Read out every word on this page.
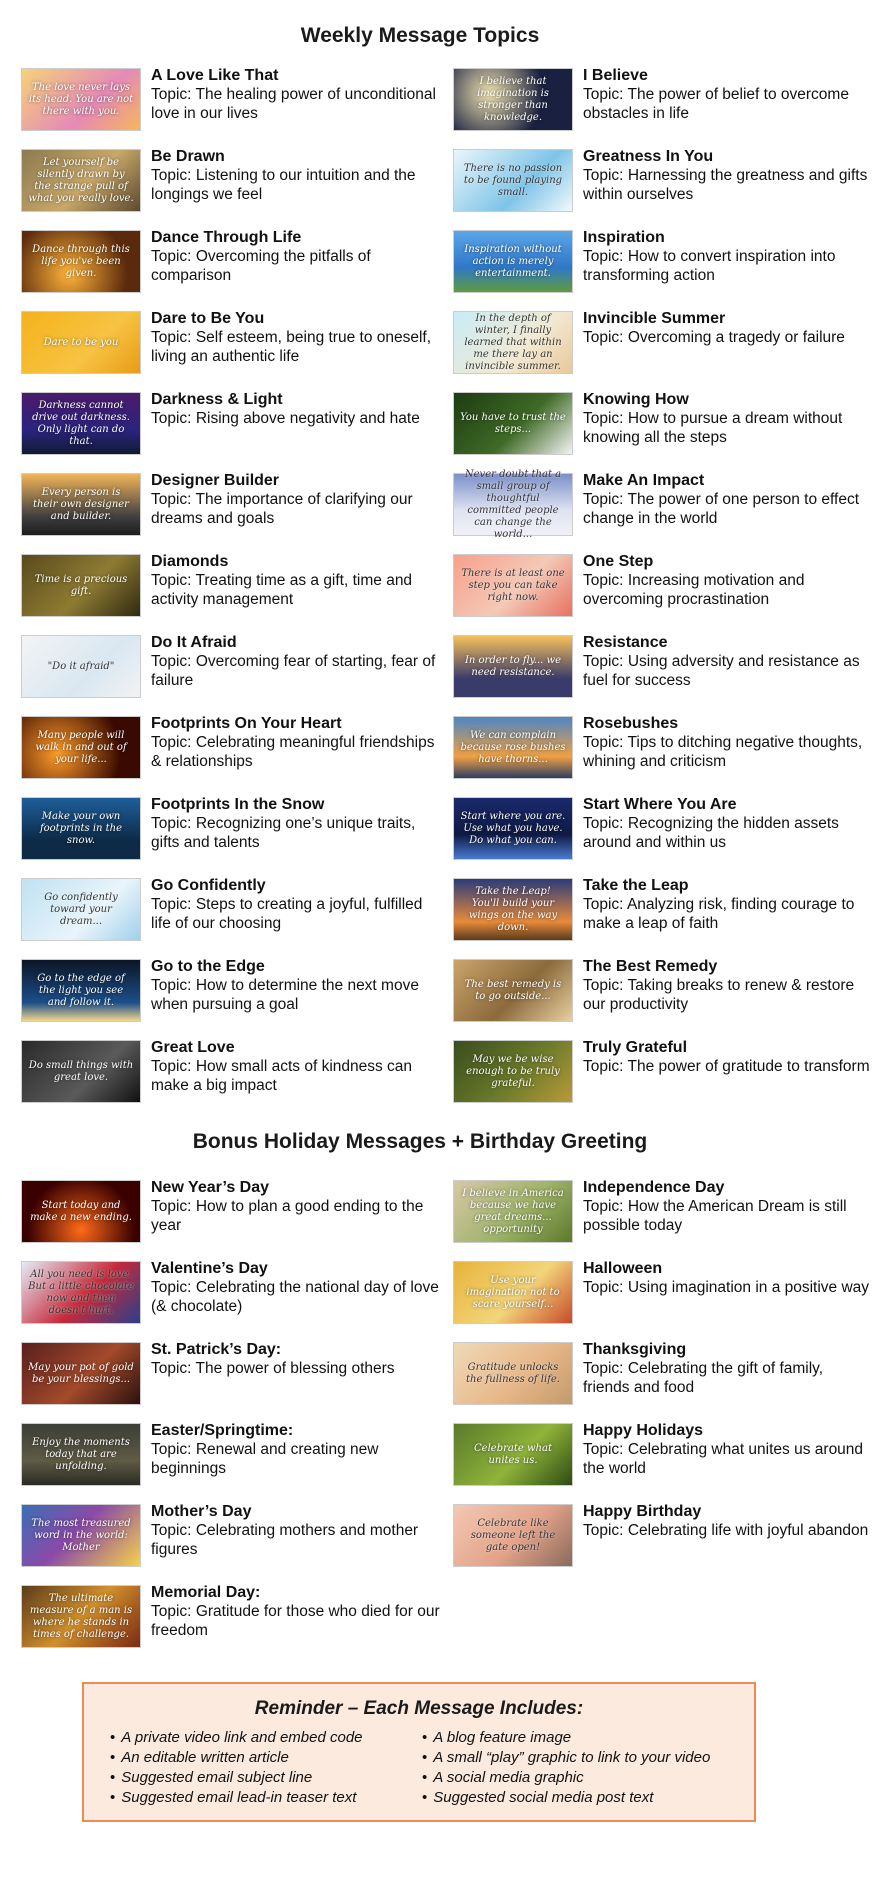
Weekly Message Topics
The love never lays its head. You are not there with you.

A Love Like That

Topic: The healing power of unconditional love in our lives

Let yourself be silently drawn by the strange pull of what you really love.

Be Drawn

Topic: Listening to our intuition and the longings we feel

Dance through this life you've been given.

Dance Through Life

Topic: Overcoming the pitfalls of comparison

Dare to be you

Dare to Be You

Topic: Self esteem, being true to oneself, living an authentic life

Darkness cannot drive out darkness. Only light can do that.

Darkness & Light

Topic: Rising above negativity and hate

Every person is their own designer and builder.

Designer Builder

Topic: The importance of clarifying our dreams and goals

Time is a precious gift.

Diamonds

Topic: Treating time as a gift, time and activity management

"Do it afraid"

Do It Afraid

Topic: Overcoming fear of starting, fear of failure

Many people will walk in and out of your life...

Footprints On Your Heart

Topic: Celebrating meaningful friendships & relationships

Make your own footprints in the snow.

Footprints In the Snow

Topic: Recognizing one’s unique traits, gifts and talents

Go confidently toward your dream...

Go Confidently

Topic: Steps to creating a joyful, fulfilled life of our choosing

Go to the edge of the light you see and follow it.

Go to the Edge

Topic: How to determine the next move when pursuing a goal

Do small things with great love.

Great Love

Topic: How small acts of kindness can make a big impact

I believe that imagination is stronger than knowledge.

I Believe

Topic: The power of belief to overcome obstacles in life

There is no passion to be found playing small.

Greatness In You

Topic: Harnessing the greatness and gifts within ourselves

Inspiration without action is merely entertainment.

Inspiration

Topic: How to convert inspiration into transforming action

In the depth of winter, I finally learned that within me there lay an invincible summer.

Invincible Summer

Topic: Overcoming a tragedy or failure

You have to trust the steps...

Knowing How

Topic: How to pursue a dream without knowing all the steps

Never doubt that a small group of thoughtful committed people can change the world...

Make An Impact

Topic: The power of one person to effect change in the world

There is at least one step you can take right now.

One Step

Topic: Increasing motivation and overcoming procrastination

In order to fly... we need resistance.

Resistance

Topic: Using adversity and resistance as fuel for success

We can complain because rose bushes have thorns...

Rosebushes

Topic: Tips to ditching negative thoughts, whining and criticism

Start where you are. Use what you have. Do what you can.

Start Where You Are

Topic: Recognizing the hidden assets around and within us

Take the Leap! You'll build your wings on the way down.

Take the Leap

Topic: Analyzing risk, finding courage to make a leap of faith

The best remedy is to go outside...

The Best Remedy

Topic: Taking breaks to renew & restore our productivity

May we be wise enough to be truly grateful.

Truly Grateful

Topic: The power of gratitude to transform

Bonus Holiday Messages + Birthday Greeting
Start today and make a new ending.

New Year’s Day

Topic: How to plan a good ending to the year

All you need is love. But a little chocolate now and then doesn't hurt.

Valentine’s Day

Topic: Celebrating the national day of love (& chocolate)

May your pot of gold be your blessings...

St. Patrick’s Day:

Topic: The power of blessing others

Enjoy the moments today that are unfolding.

Easter/Springtime:

Topic: Renewal and creating new beginnings

The most treasured word in the world: Mother

Mother’s Day

Topic: Celebrating mothers and mother figures

The ultimate measure of a man is where he stands in times of challenge.

Memorial Day:

Topic: Gratitude for those who died for our freedom

I believe in America because we have great dreams... opportunity

Independence Day

Topic: How the American Dream is still possible today

Use your imagination not to scare yourself...

Halloween

Topic: Using imagination in a positive way

Gratitude unlocks the fullness of life.

Thanksgiving

Topic: Celebrating the gift of family, friends and food

Celebrate what unites us.

Happy Holidays

Topic: Celebrating what unites us around the world

Celebrate like someone left the gate open!

Happy Birthday

Topic: Celebrating life with joyful abandon

Reminder – Each Message Includes:
• A private video link and embed code
• An editable written article
• Suggested email subject line
• Suggested email lead-in teaser text
• A blog feature image
• A small “play” graphic to link to your video
• A social media graphic
• Suggested social media post text
